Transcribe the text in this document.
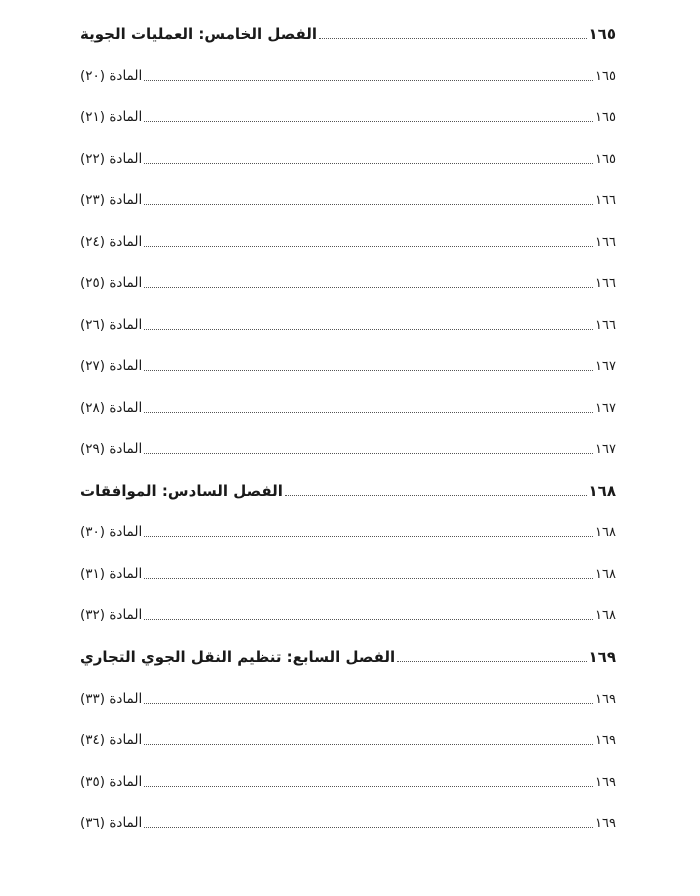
الفصل الخامس: العمليات الجوية	١٦٥
المادة (٢٠)	١٦٥
المادة (٢١)	١٦٥
المادة (٢٢)	١٦٥
المادة (٢٣)	١٦٦
المادة (٢٤)	١٦٦
المادة (٢٥)	١٦٦
المادة (٢٦)	١٦٦
المادة (٢٧)	١٦٧
المادة (٢٨)	١٦٧
المادة (٢٩)	١٦٧
الفصل السادس: الموافقات	١٦٨
المادة (٣٠)	١٦٨
المادة (٣١)	١٦٨
المادة (٣٢)	١٦٨
الفصل السابع: تنظيم النقل الجوي التجاري	١٦٩
المادة (٣٣)	١٦٩
المادة (٣٤)	١٦٩
المادة (٣٥)	١٦٩
المادة (٣٦)	١٦٩
